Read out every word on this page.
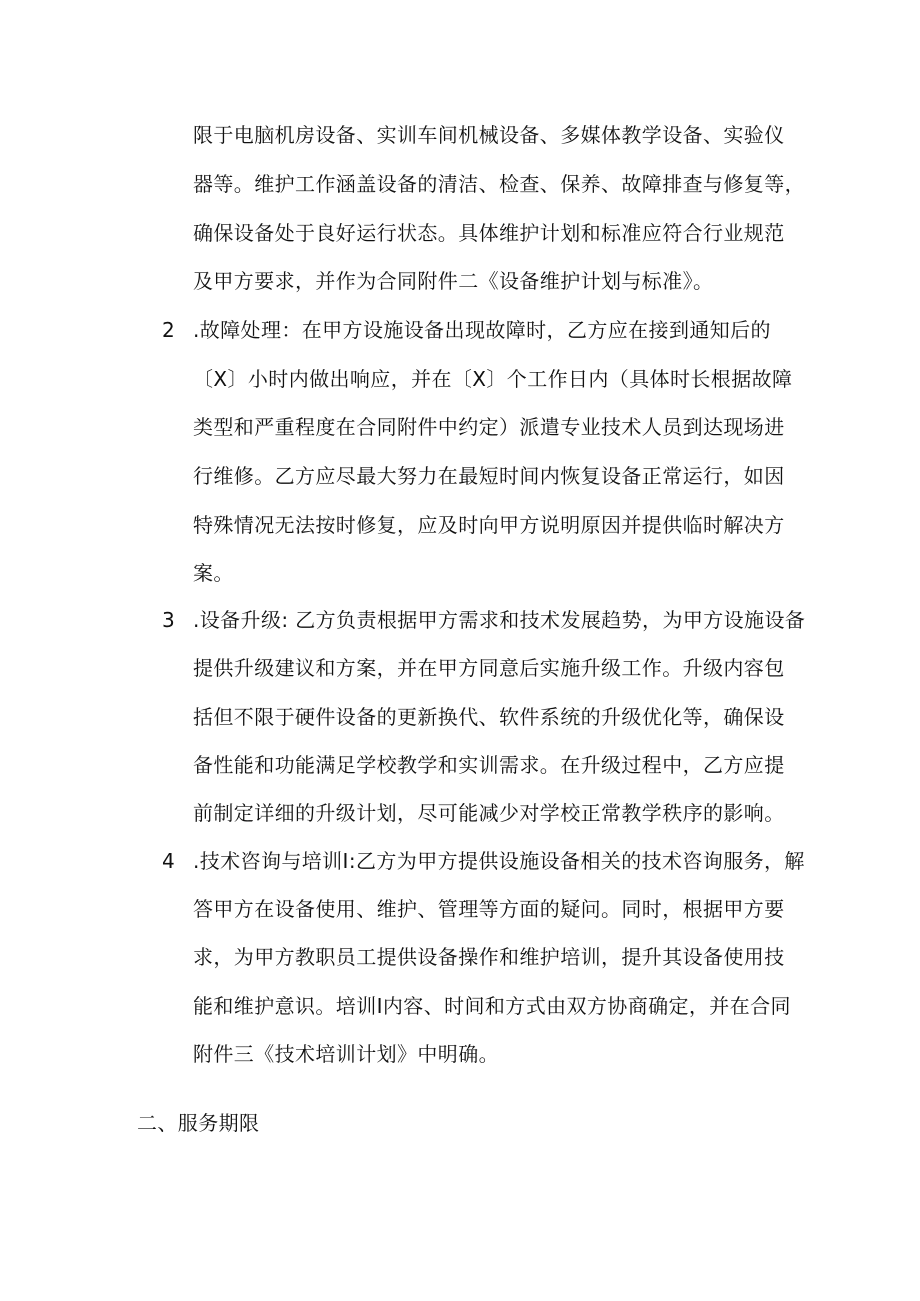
限于电脑机房设备、实训车间机械设备、多媒体教学设备、实验仪
器等。维护工作涵盖设备的清洁、检查、保养、故障排查与修复等，
确保设备处于良好运行状态。具体维护计划和标准应符合行业规范
及甲方要求，并作为合同附件二《设备维护计划与标准》。
2 .故障处理：在甲方设施设备出现故障时，乙方应在接到通知后的
〔X〕小时内做出响应，并在〔X〕个工作日内（具体时长根据故障
类型和严重程度在合同附件中约定）派遣专业技术人员到达现场进
行维修。乙方应尽最大努力在最短时间内恢复设备正常运行，如因
特殊情况无法按时修复，应及时向甲方说明原因并提供临时解决方
案。
3 .设备升级: 乙方负责根据甲方需求和技术发展趋势，为甲方设施设备
提供升级建议和方案，并在甲方同意后实施升级工作。升级内容包
括但不限于硬件设备的更新换代、软件系统的升级优化等，确保设
备性能和功能满足学校教学和实训需求。在升级过程中，乙方应提
前制定详细的升级计划，尽可能减少对学校正常教学秩序的影响。
4 .技术咨询与培训I:乙方为甲方提供设施设备相关的技术咨询服务，解
答甲方在设备使用、维护、管理等方面的疑问。同时，根据甲方要
求，为甲方教职员工提供设备操作和维护培训，提升其设备使用技
能和维护意识。培训I内容、时间和方式由双方协商确定，并在合同
附件三《技术培训计划》中明确。
二、服务期限
